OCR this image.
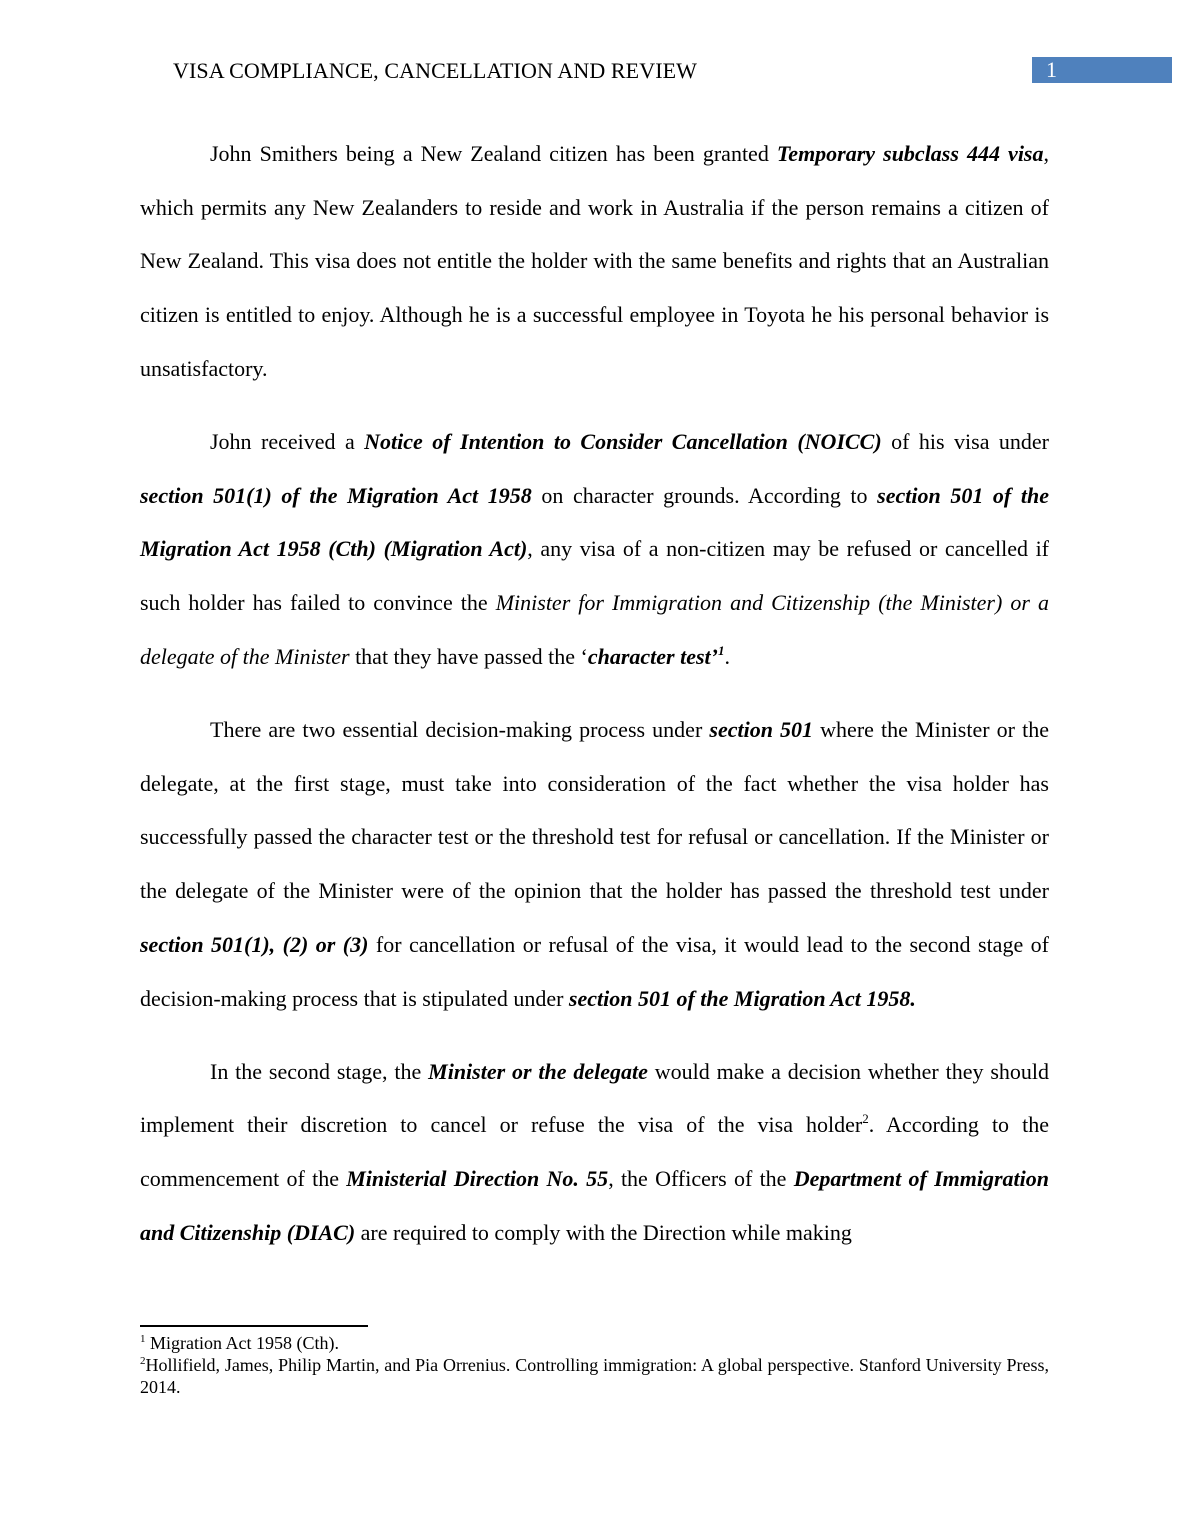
VISA COMPLIANCE, CANCELLATION AND REVIEW	1

John Smithers being a New Zealand citizen has been granted Temporary subclass 444 visa, which permits any New Zealanders to reside and work in Australia if the person remains a citizen of New Zealand. This visa does not entitle the holder with the same benefits and rights that an Australian citizen is entitled to enjoy. Although he is a successful employee in Toyota he his personal behavior is unsatisfactory.

John received a Notice of Intention to Consider Cancellation (NOICC) of his visa under section 501(1) of the Migration Act 1958 on character grounds. According to section 501 of the Migration Act 1958 (Cth) (Migration Act), any visa of a non-citizen may be refused or cancelled if such holder has failed to convince the Minister for Immigration and Citizenship (the Minister) or a delegate of the Minister that they have passed the ‘character test’$^1$.

There are two essential decision-making process under section 501 where the Minister or the delegate, at the first stage, must take into consideration of the fact whether the visa holder has successfully passed the character test or the threshold test for refusal or cancellation. If the Minister or the delegate of the Minister were of the opinion that the holder has passed the threshold test under section 501(1), (2) or (3) for cancellation or refusal of the visa, it would lead to the second stage of decision-making process that is stipulated under section 501 of the Migration Act 1958.

In the second stage, the Minister or the delegate would make a decision whether they should implement their discretion to cancel or refuse the visa of the visa holder$^2$. According to the commencement of the Ministerial Direction No. 55, the Officers of the Department of Immigration and Citizenship (DIAC) are required to comply with the Direction while making

$^1$ Migration Act 1958 (Cth).

$^2$Hollifield, James, Philip Martin, and Pia Orrenius. Controlling immigration: A global perspective. Stanford University Press, 2014.
